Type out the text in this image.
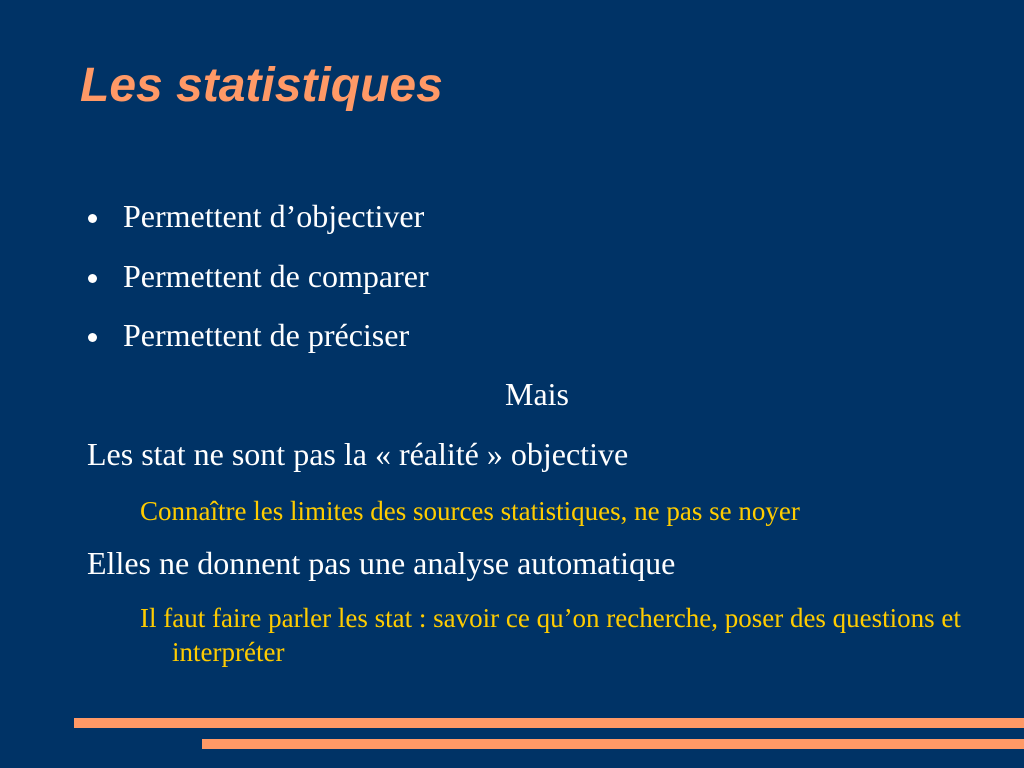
Les statistiques
Permettent d’objectiver
Permettent de comparer
Permettent de préciser
Mais
Les stat ne sont pas la « réalité » objective
Connaître les limites des sources statistiques, ne pas se noyer
Elles ne donnent pas une analyse automatique
Il faut faire parler les stat : savoir ce qu’on recherche, poser des questions et interpréter
